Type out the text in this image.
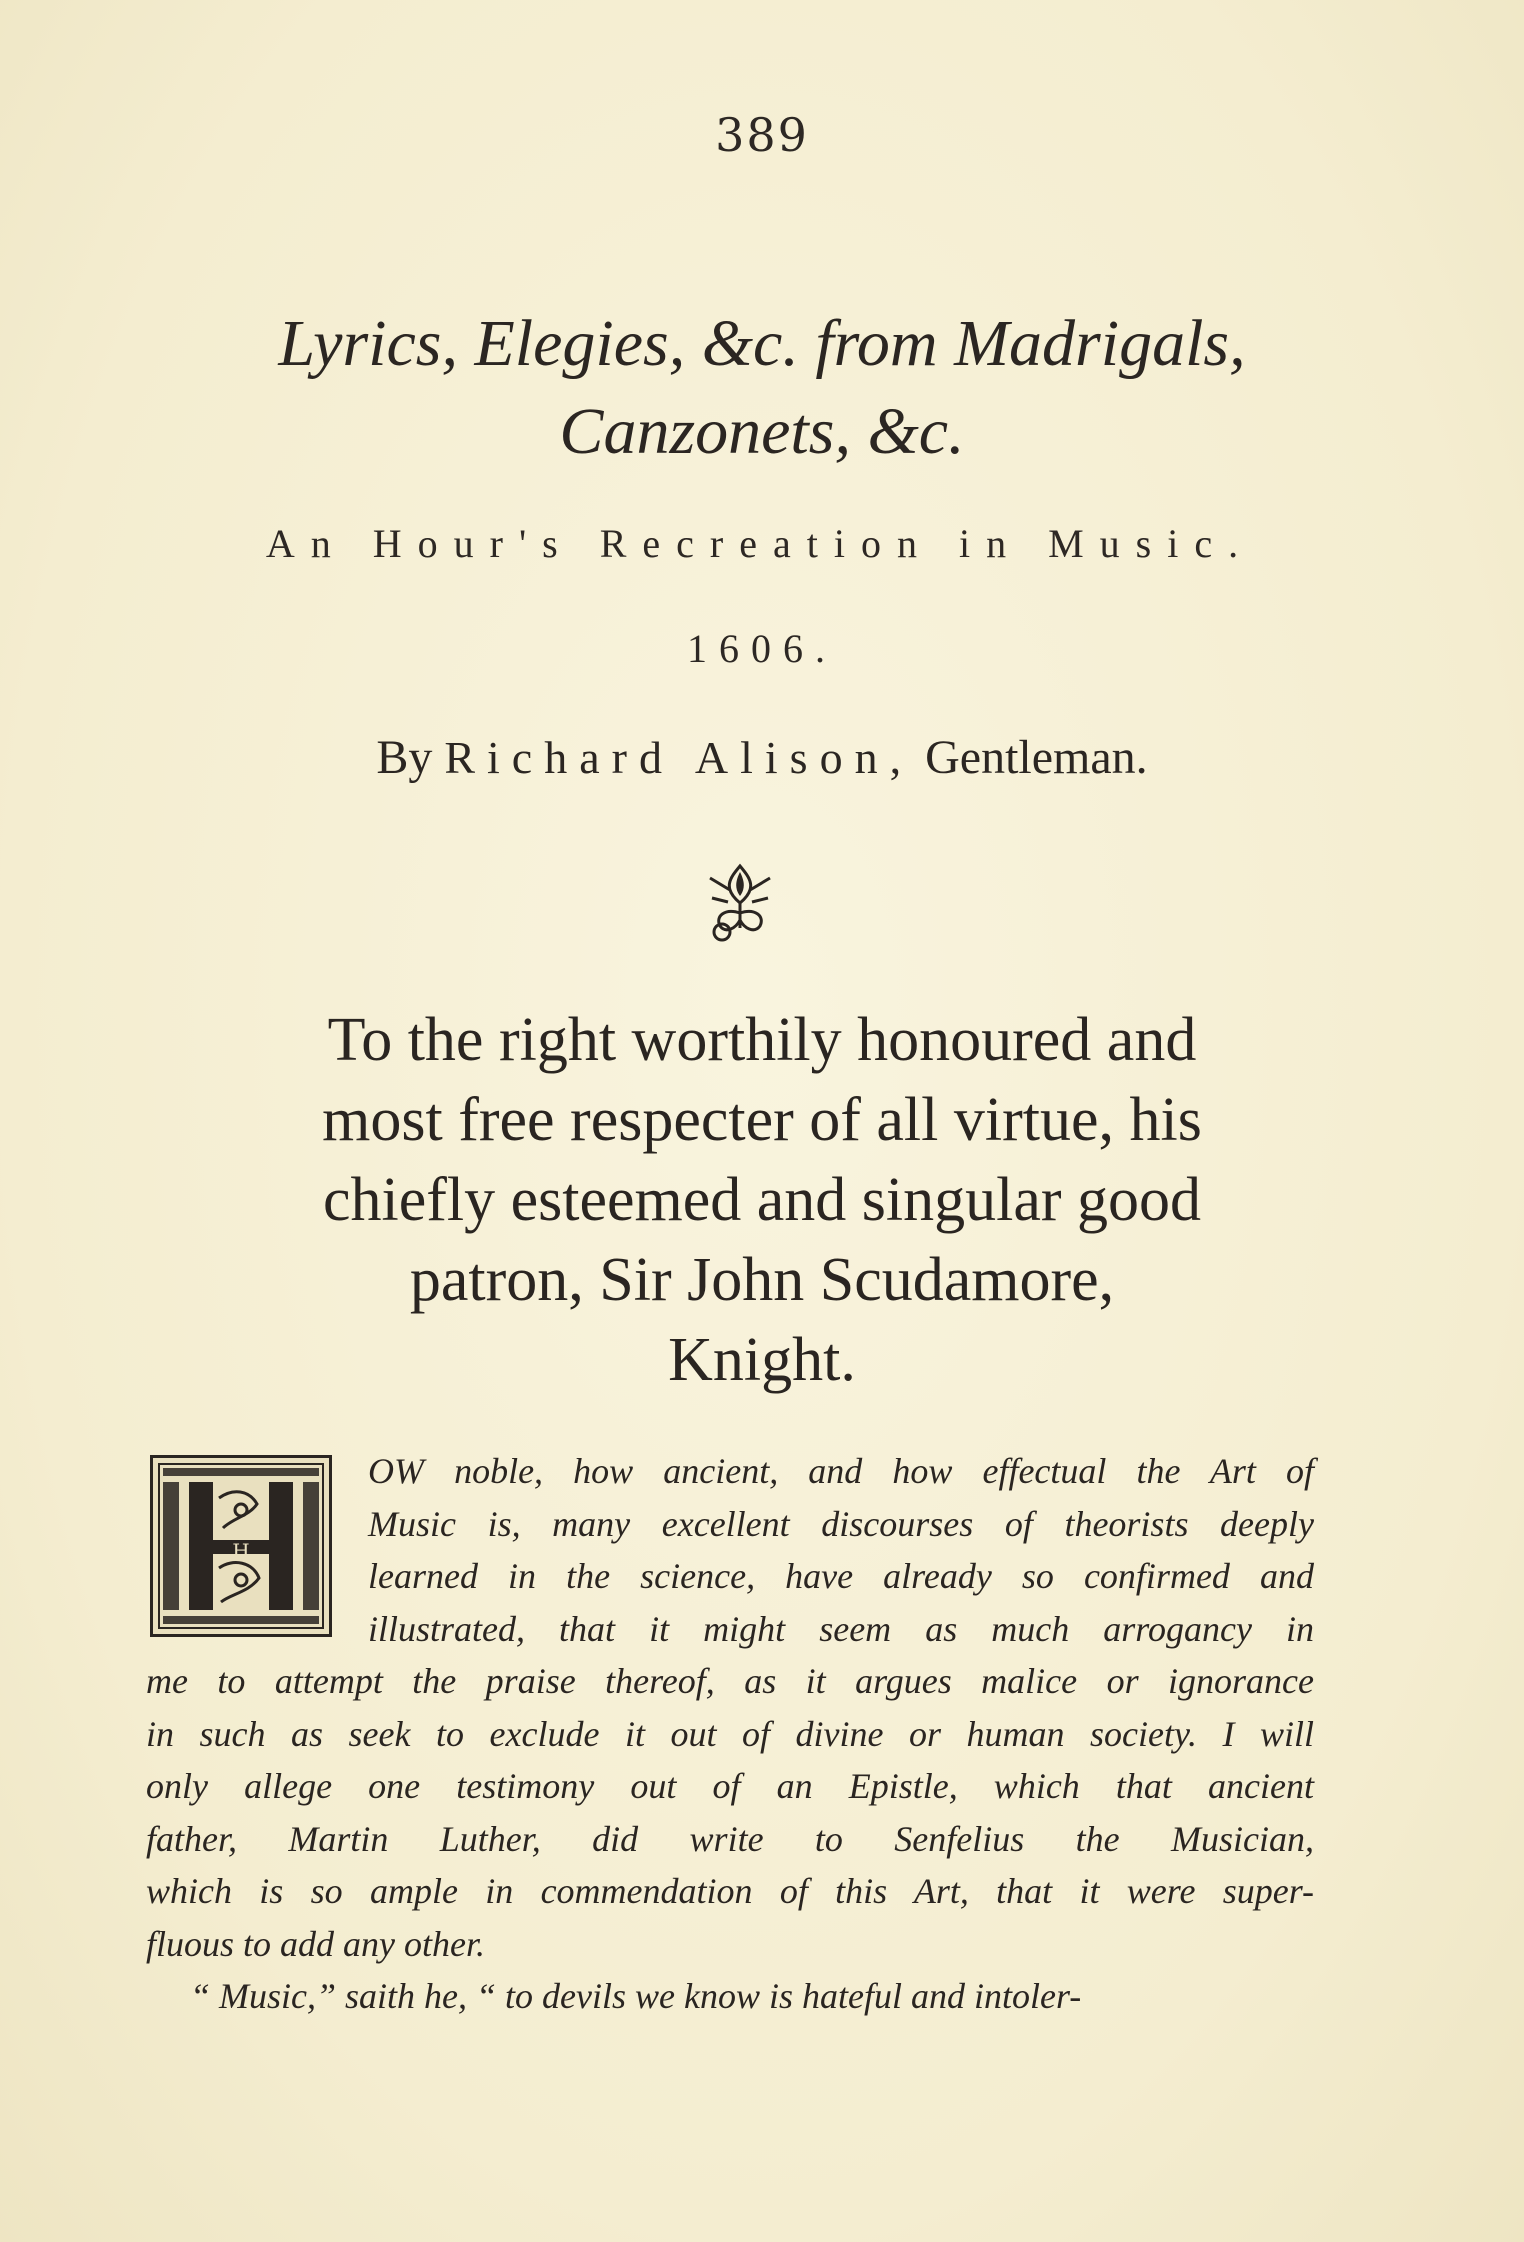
389
Lyrics, Elegies, &c. from Madrigals,
Canzonets, &c.
An Hour's Recreation in Music.
1606.
By Richard Alison, Gentleman.
To the right worthily honoured and
most free respecter of all virtue, his
chiefly esteemed and singular good
patron, Sir John Scudamore,
Knight.
H
OW noble, how ancient, and how effectual the Art of
Music is, many excellent discourses of theorists deeply
learned in the science, have already so confirmed and
illustrated, that it might seem as much arrogancy in
me to attempt the praise thereof, as it argues malice or ignorance
in such as seek to exclude it out of divine or human society. I will
only allege one testimony out of an Epistle, which that ancient
father, Martin Luther, did write to Senfelius the Musician,
which is so ample in commendation of this Art, that it were super-
fluous to add any other.
“ Music,” saith he, “ to devils we know is hateful and intoler-
